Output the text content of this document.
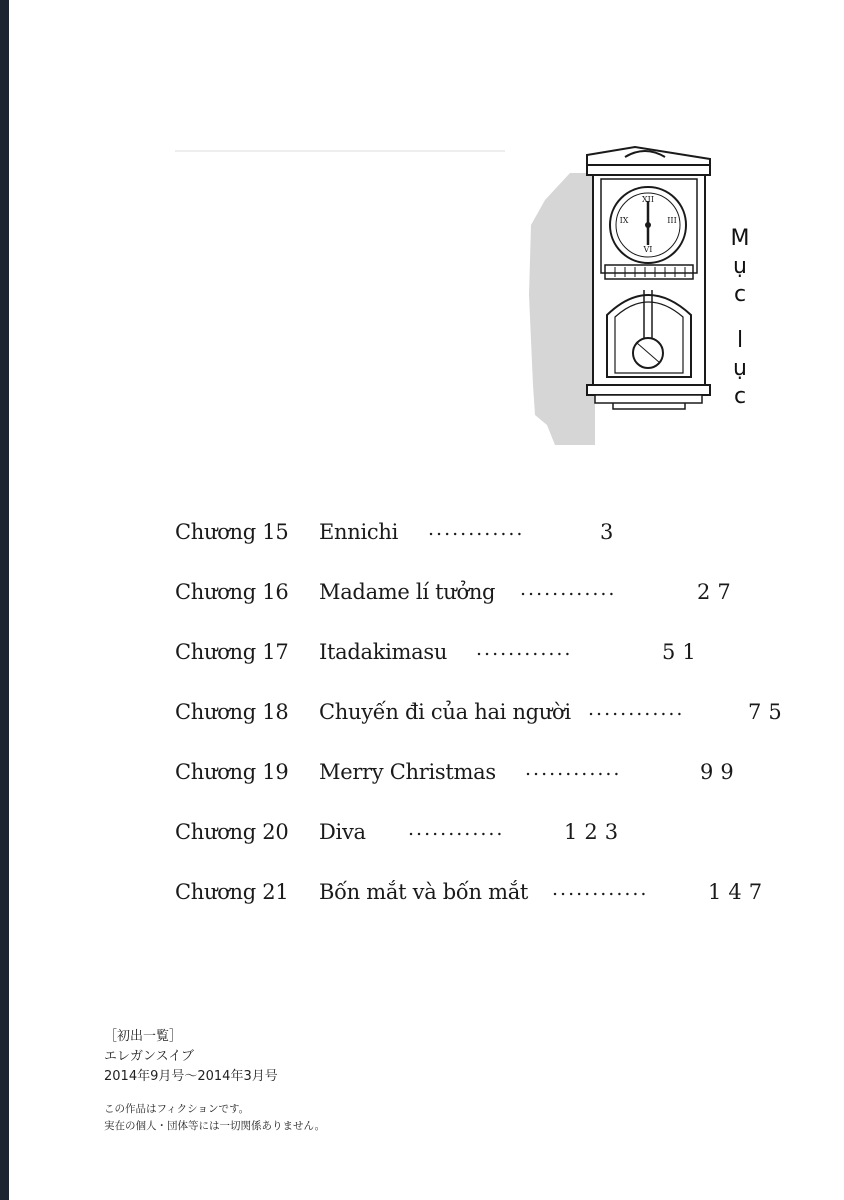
XII
III
VI
IX
M
ụ
c
l
ụ
c
Chương 15 Ennichi ............	3
Chương 16 Madame lí tưởng ............	27
Chương 17 Itadakimasu ............	51
Chương 18 Chuyến đi của hai người ............	75
Chương 19 Merry Christmas ............	99
Chương 20 Diva ............	123
Chương 21 Bốn mắt và bốn mắt ............	147
［初出一覧］
エレガンスイブ
2014年9月号～2014年3月号
この作品はフィクションです。
実在の個人・団体等には一切関係ありません。
